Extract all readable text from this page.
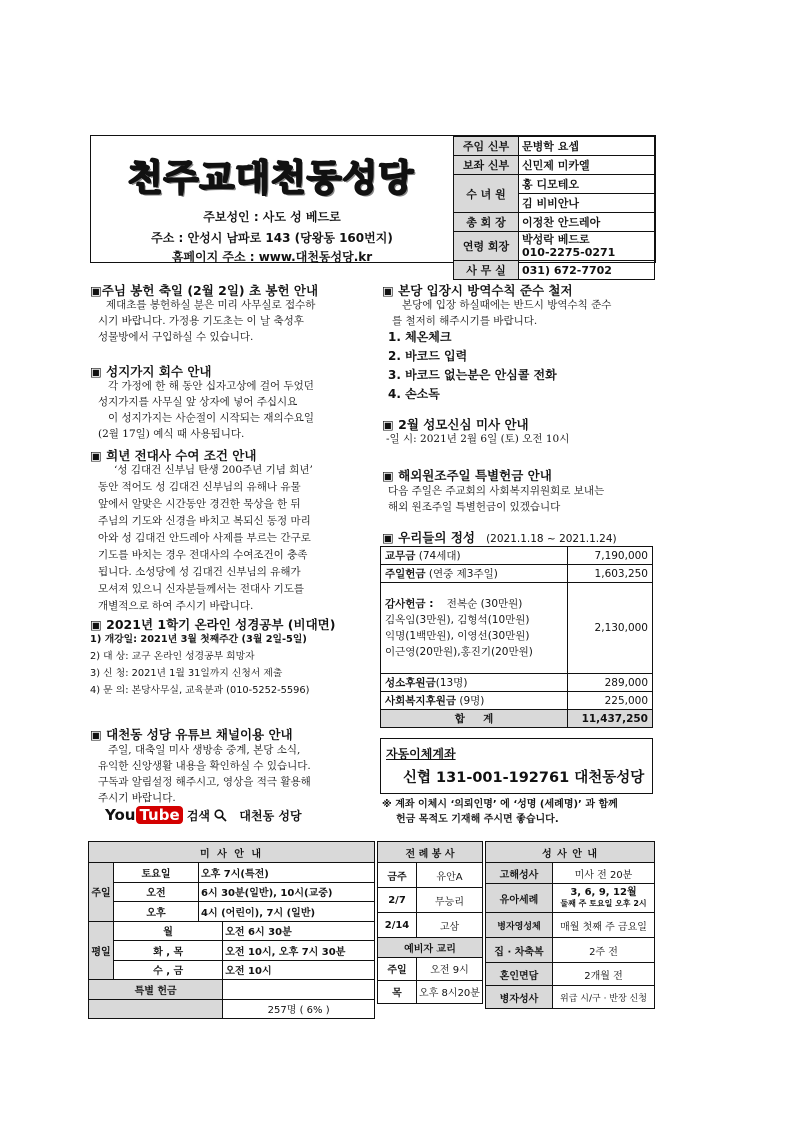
천주교대천동성당
주보성인 : 사도 성 베드로
주소 : 안성시 남파로 143 (당왕동 160번지)
홈페이지 주소 : www.대천동성당.kr
주임 신부	문병학 요셉
보좌 신부	신민제 미카엘
수 녀 원	홍 디모테오
	김 비비안나
총 회 장	이정찬 안드레아
연령 회장	박성락 베드로
010-2275-0271

사 무 실	031) 672-7702
▣주님 봉헌 축일 (2월 2일) 초 봉헌 안내
제대초를 봉헌하실 분은 미리 사무실로 접수하
시기 바랍니다. 가정용 기도초는 이 날 축성후
성물방에서 구입하실 수 있습니다.
▣ 성지가지 회수 안내
각 가정에 한 해 동안 십자고상에 걸어 두었던
성지가지를 사무실 앞 상자에 넣어 주십시요
이 성지가지는 사순절이 시작되는 재의수요일
(2월 17일) 예식 때 사용됩니다.
▣ 희년 전대사 수여 조건 안내
‘성 김대건 신부님 탄생 200주년 기념 희년’
동안 적어도 성 김대건 신부님의 유해나 유물
앞에서 알맞은 시간동안 경건한 묵상을 한 뒤
주님의 기도와 신경을 바치고 복되신 동정 마리
아와 성 김대건 안드레아 사제를 부르는 간구로
기도를 바치는 경우 전대사의 수여조건이 충족
됩니다. 소성당에 성 김대건 신부님의 유해가
모셔져 있으니 신자분들께서는 전대사 기도를
개별적으로 하여 주시기 바랍니다.
▣ 2021년 1학기 온라인 성경공부 (비대면)
1) 개강일: 2021년 3월 첫째주간 (3월 2일-5일)
2) 대 상: 교구 온라인 성경공부 희망자
3) 신 청: 2021년 1월 31일까지 신청서 제출
4) 문 의: 본당사무실, 교육분과 (010-5252-5596)
▣ 대천동 성당 유튜브 채널이용 안내
주일, 대축일 미사 생방송 중계, 본당 소식,
유익한 신앙생활 내용을 확인하실 수 있습니다.
구독과 알림설정 해주시고, 영상을 적극 활용해
주시기 바랍니다.
You Tube 검색 대천동 성당
▣ 본당 입장시 방역수칙 준수 철저
본당에 입장 하실때에는 반드시 방역수칙 준수
를 철저히 해주시기를 바랍니다.
1. 체온체크
2. 바코드 입력
3. 바코드 없는분은 안심콜 전화
4. 손소독
▣ 2월 성모신심 미사 안내
-일 시: 2021년 2월 6일 (토) 오전 10시
▣ 해외원조주일 특별헌금 안내
다음 주일은 주교회의 사회복지위원회로 보내는
해외 원조주일 특별헌금이 있겠습니다
▣ 우리들의 정성 (2021.1.18 ~ 2021.1.24)
교무금 (74세대)	7,190,000
주일헌금 (연중 제3주일)	1,603,250

감사헌금 : 전복순 (30만원)
김옥임(3만원), 김형석(10만원)
익명(1백만원), 이영선(30만원)
이근영(20만원),홍진기(20만원)	2,130,000
성소후원금(13명)	289,000
사회복지후원금 (9명)	225,000
합     계	11,437,250
자동이체계좌
신협 131-001-192761 대천동성당
※ 계좌 이체시 ‘의뢰인명’ 에 ‘성명 (세례명)’ 과 함께
헌금 목적도 기재해 주시면 좋습니다.
미 사 안 내			
주일	토요일	오후 7시(특전)	
	오전	6시 30분(일반), 10시(교중)	
	오후	4시 (어린이), 7시 (일반)	
평일	월		오전 6시 30분
	화 , 목		오전 10시, 오후 7시 30분
	수 , 금		오전 10시
특별 헌금			
			257명 ( 6% )
전 례 봉 사	
금주	유안A
2/7	무능리
2/14	고삼
예비자 교리	
주일	오전 9시
목	오후 8시20분
성 사 안 내	
고해성사	미사 전 20분
유아세례	3, 6, 9, 12월
둘째 주 토요일 오후 2시

병자영성체	매월 첫째 주 금요일
집 · 차축복	2주 전
혼인면담	2개월 전
병자성사	위급 시/구 · 반장 신청
